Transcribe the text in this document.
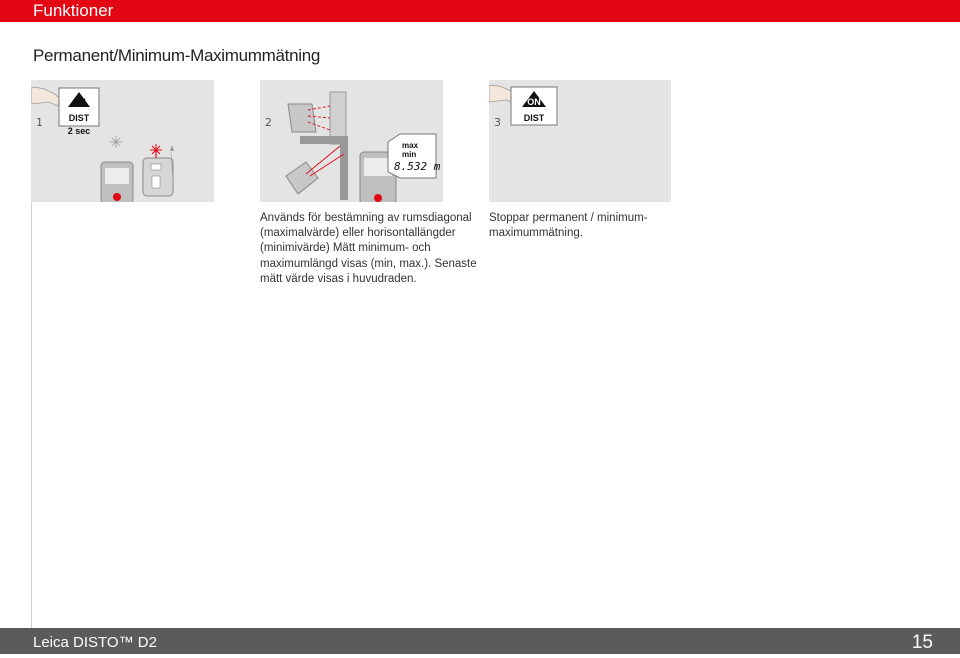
Funktioner
Permanent/Minimum-Maximummätning
1
ON
DIST
2 sec
2
max
min
8.532 m
3
ON
DIST
Används för bestämning av rumsdiagonal (maximalvärde) eller horisontallängder (minimivärde) Mätt minimum- och maximumlängd visas (min, max.). Senaste mätt värde visas i huvudraden.
Stoppar permanent / minimum-maximummätning.
Leica DISTO™ D2	15
